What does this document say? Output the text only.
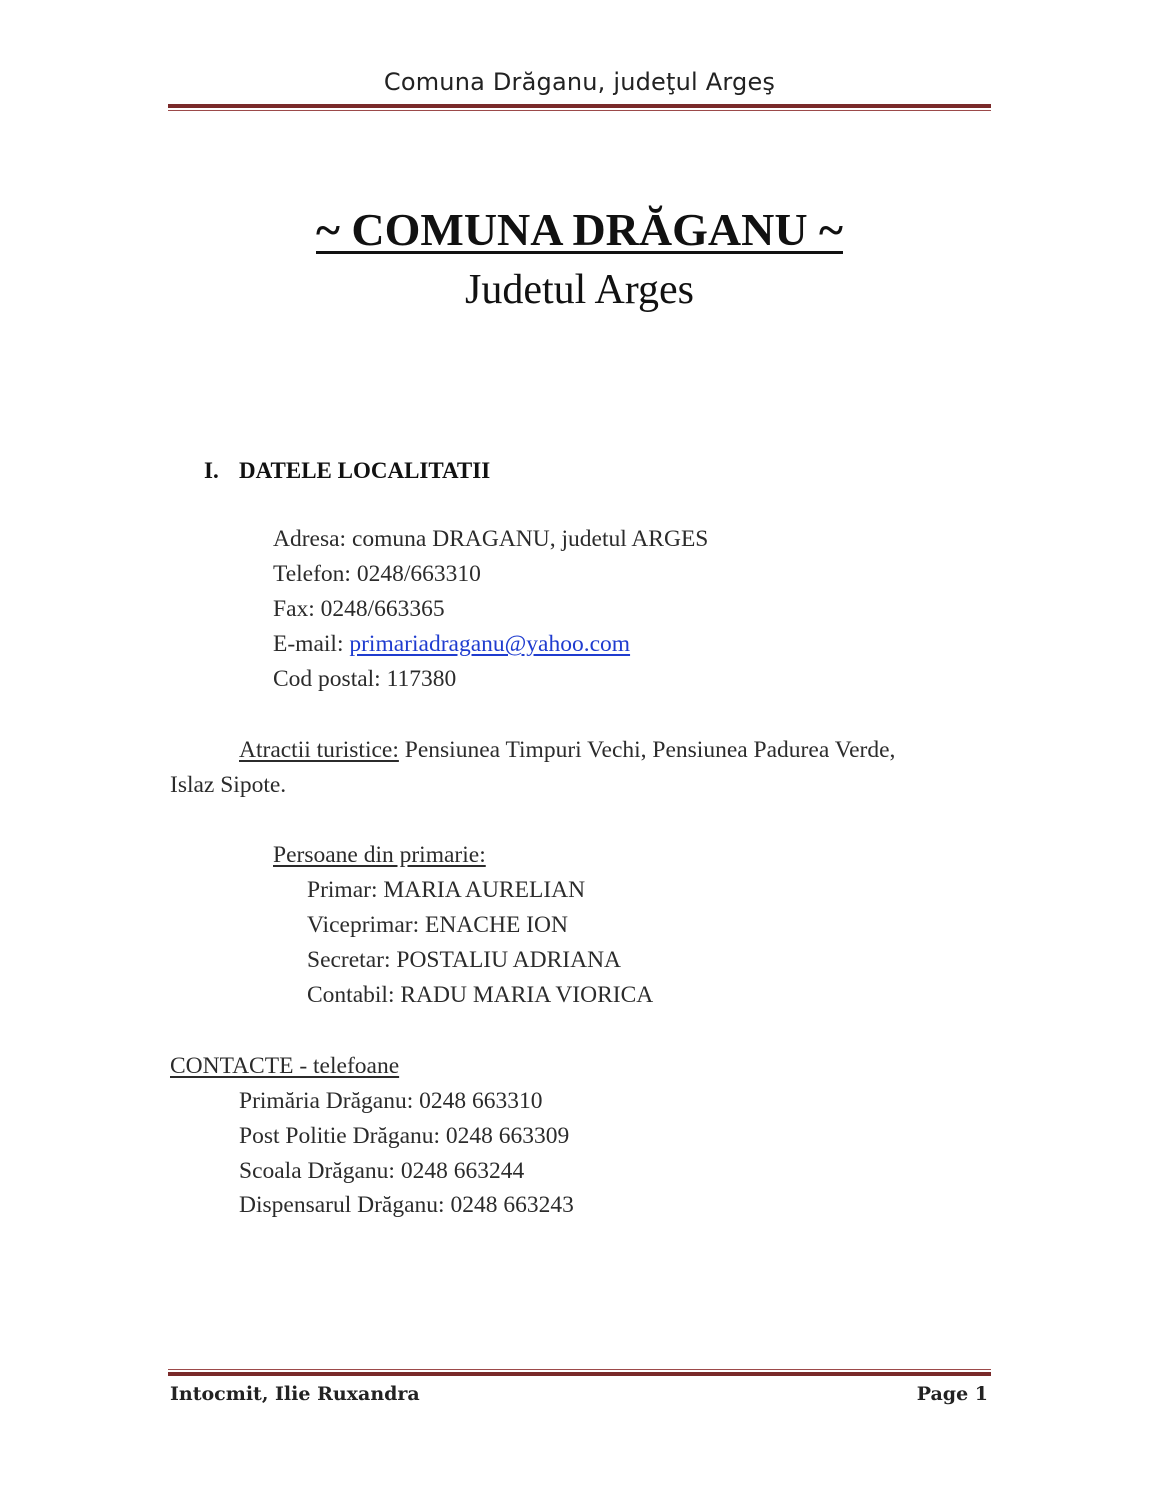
Comuna Drăganu, judeţul Argeş
~ COMUNA DRĂGANU ~
Judetul Arges
I. DATELE LOCALITATII
Adresa: comuna DRAGANU, judetul ARGES
Telefon: 0248/663310
Fax: 0248/663365
E-mail: primariadraganu@yahoo.com
Cod postal: 117380
Atractii turistice: Pensiunea Timpuri Vechi, Pensiunea Padurea Verde,
Islaz Sipote.
Persoane din primarie:
Primar: MARIA AURELIAN
Viceprimar: ENACHE ION
Secretar: POSTALIU ADRIANA
Contabil: RADU MARIA VIORICA
CONTACTE - telefoane
Primăria Drăganu: 0248 663310
Post Politie Drăganu: 0248 663309
Scoala Drăganu: 0248 663244
Dispensarul Drăganu: 0248 663243
Intocmit, Ilie Ruxandra	Page 1
